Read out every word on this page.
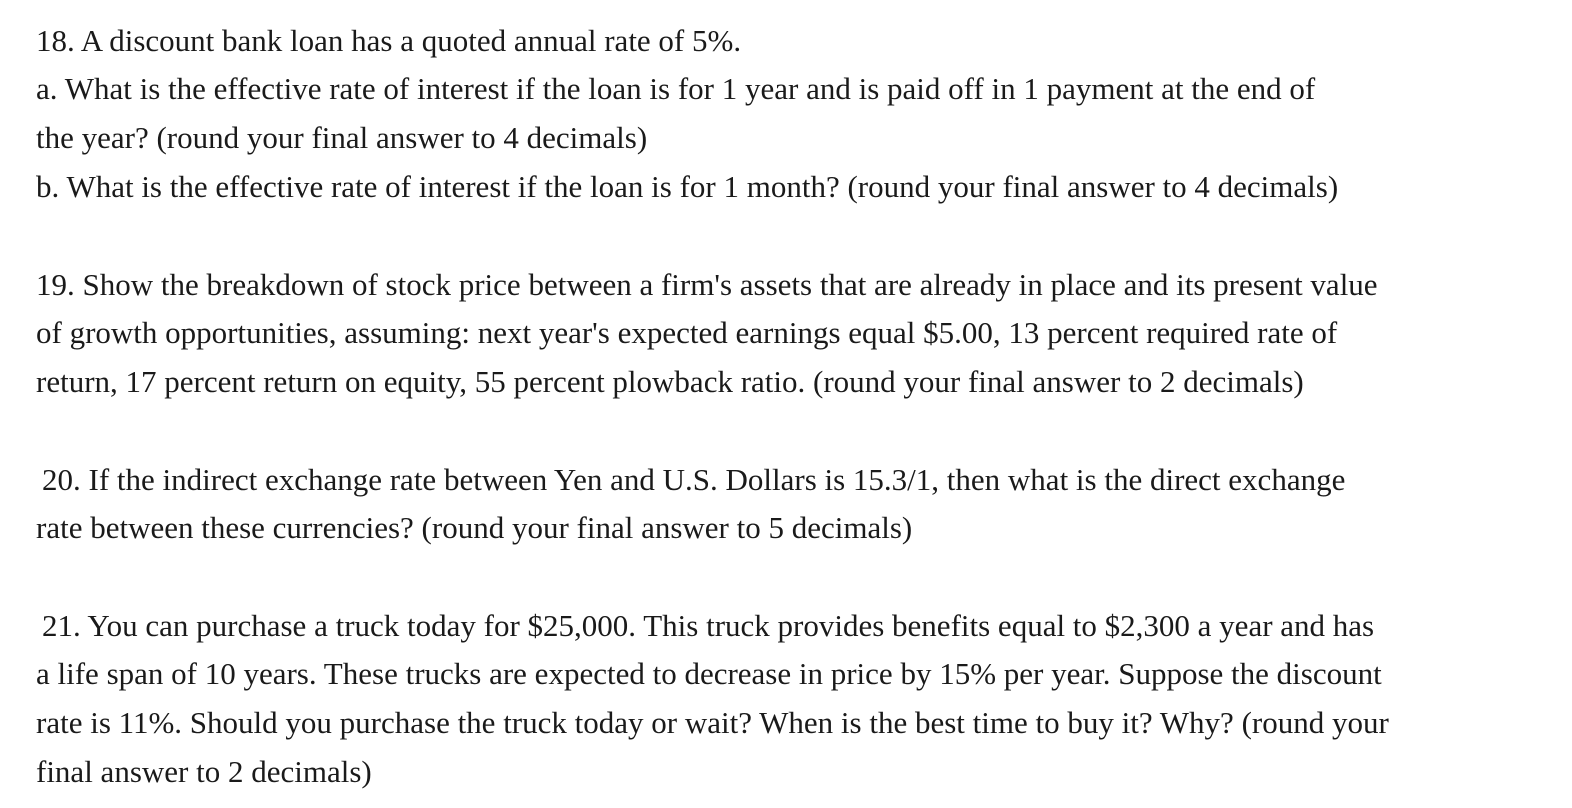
18. A discount bank loan has a quoted annual rate of 5%.
a. What is the effective rate of interest if the loan is for 1 year and is paid off in 1 payment at the end of
the year? (round your final answer to 4 decimals)
b. What is the effective rate of interest if the loan is for 1 month? (round your final answer to 4 decimals)
19. Show the breakdown of stock price between a firm's assets that are already in place and its present value
of growth opportunities, assuming: next year's expected earnings equal $5.00, 13 percent required rate of
return, 17 percent return on equity, 55 percent plowback ratio. (round your final answer to 2 decimals)
20. If the indirect exchange rate between Yen and U.S. Dollars is 15.3/1, then what is the direct exchange
rate between these currencies? (round your final answer to 5 decimals)
21. You can purchase a truck today for $25,000. This truck provides benefits equal to $2,300 a year and has
a life span of 10 years. These trucks are expected to decrease in price by 15% per year. Suppose the discount
rate is 11%. Should you purchase the truck today or wait? When is the best time to buy it? Why? (round your
final answer to 2 decimals)
